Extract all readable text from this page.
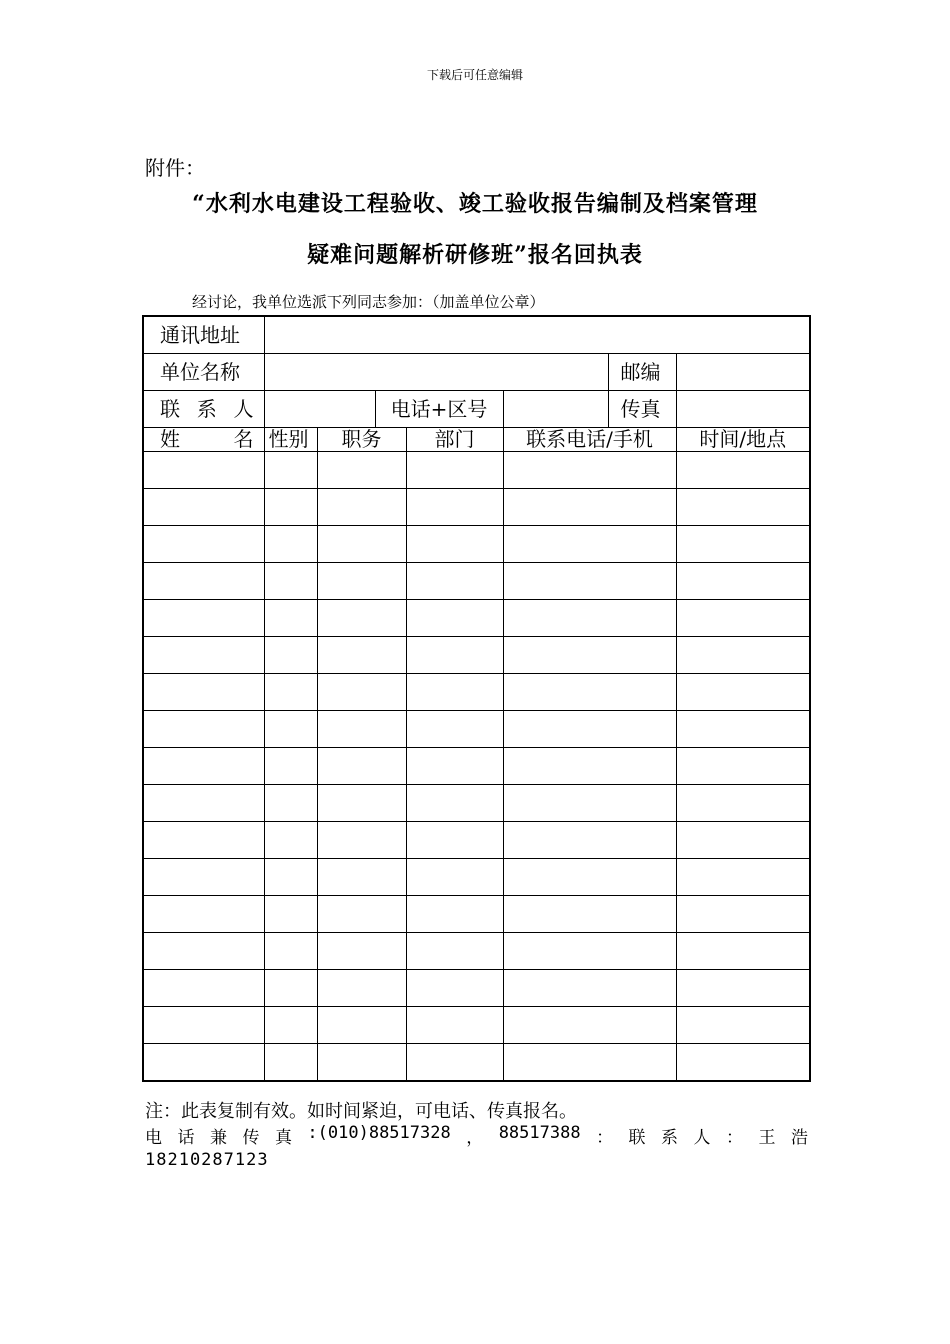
下载后可任意编辑
附件：
“水利水电建设工程验收、竣工验收报告编制及档案管理
疑难问题解析研修班”报名回执表
经讨论，我单位选派下列同志参加：（加盖单位公章）
通讯地址							
单位名称						邮编	

联 系 人			电话+区号			传真	

姓 名	性别	职务		部门	联系电话/手机		时间/地点

注：此表复制有效。如时间紧迫，可电话、传真报名。
电 话 兼 传 真 :(010)88517328 ， 88517388 ： 联 系 人 ： 王 浩
18210287123
